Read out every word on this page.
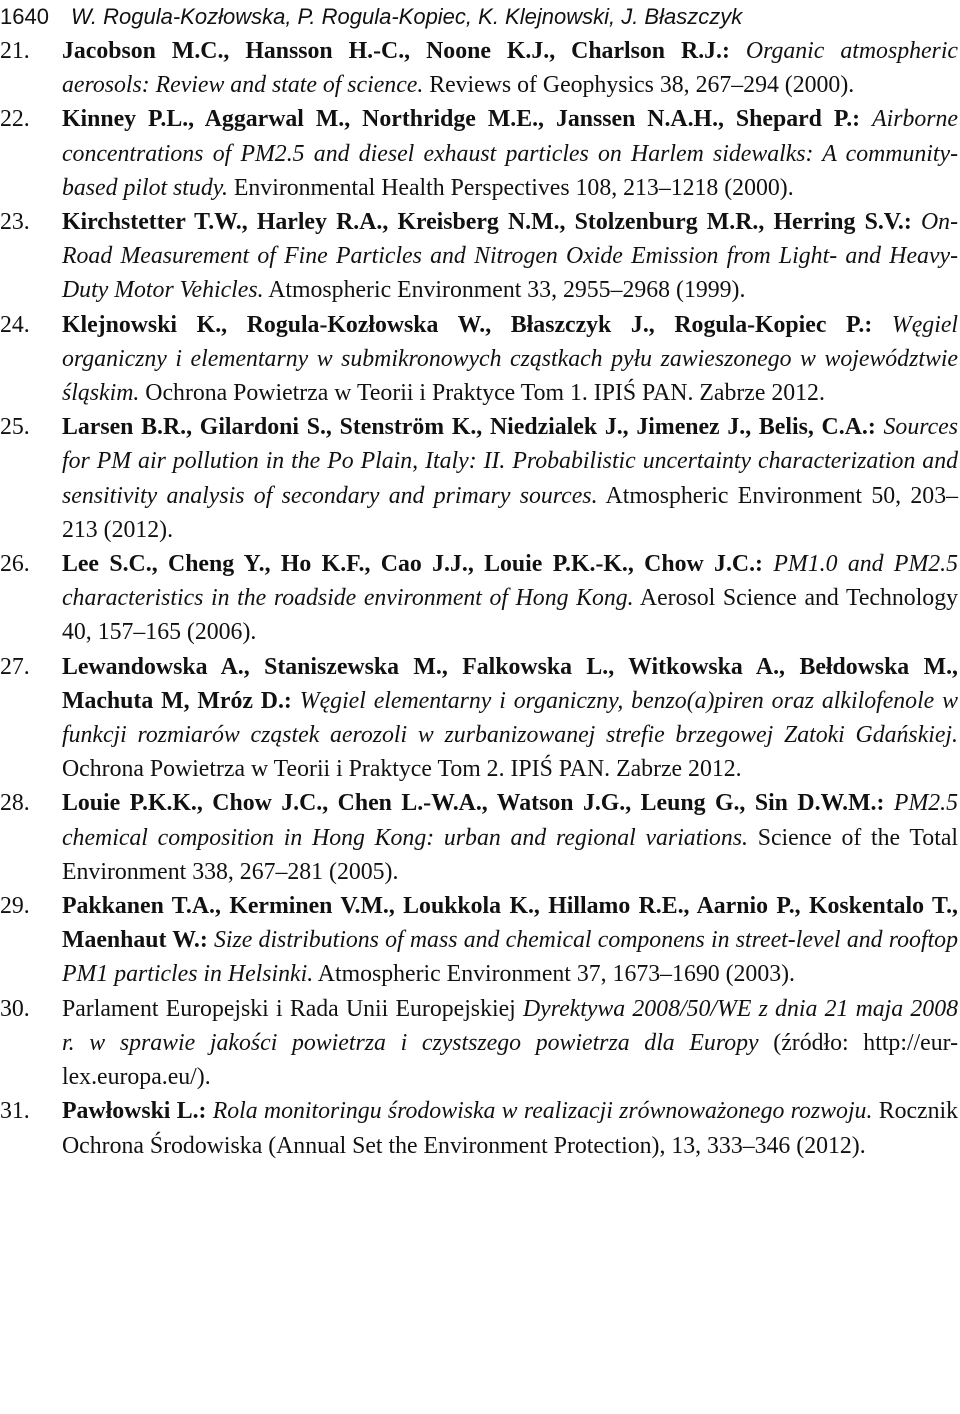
1640 W. Rogula-Kozłowska, P. Rogula-Kopiec, K. Klejnowski, J. Błaszczyk
21. Jacobson M.C., Hansson H.-C., Noone K.J., Charlson R.J.: Organic atmospheric aerosols: Review and state of science. Reviews of Geophysics 38, 267–294 (2000).
22. Kinney P.L., Aggarwal M., Northridge M.E., Janssen N.A.H., Shepard P.: Airborne concentrations of PM2.5 and diesel exhaust particles on Harlem sidewalks: A community-based pilot study. Environmental Health Perspectives 108, 213–1218 (2000).
23. Kirchstetter T.W., Harley R.A., Kreisberg N.M., Stolzenburg M.R., Herring S.V.: On-Road Measurement of Fine Particles and Nitrogen Oxide Emission from Light- and Heavy-Duty Motor Vehicles. Atmospheric Environment 33, 2955–2968 (1999).
24. Klejnowski K., Rogula-Kozłowska W., Błaszczyk J., Rogula-Kopiec P.: Węgiel organiczny i elementarny w submikronowych cząstkach pyłu zawieszonego w województwie śląskim. Ochrona Powietrza w Teorii i Praktyce Tom 1. IPIŚ PAN. Zabrze 2012.
25. Larsen B.R., Gilardoni S., Stenström K., Niedzialek J., Jimenez J., Belis, C.A.: Sources for PM air pollution in the Po Plain, Italy: II. Probabilistic uncertainty characterization and sensitivity analysis of secondary and primary sources. Atmospheric Environment 50, 203–213 (2012).
26. Lee S.C., Cheng Y., Ho K.F., Cao J.J., Louie P.K.-K., Chow J.C.: PM1.0 and PM2.5 characteristics in the roadside environment of Hong Kong. Aerosol Science and Technology 40, 157–165 (2006).
27. Lewandowska A., Staniszewska M., Falkowska L., Witkowska A., Bełdowska M., Machuta M, Mróz D.: Węgiel elementarny i organiczny, benzo(a)piren oraz alkilofenole w funkcji rozmiarów cząstek aerozoli w zurbanizowanej strefie brzegowej Zatoki Gdańskiej. Ochrona Powietrza w Teorii i Praktyce Tom 2. IPIŚ PAN. Zabrze 2012.
28. Louie P.K.K., Chow J.C., Chen L.-W.A., Watson J.G., Leung G., Sin D.W.M.: PM2.5 chemical composition in Hong Kong: urban and regional variations. Science of the Total Environment 338, 267–281 (2005).
29. Pakkanen T.A., Kerminen V.M., Loukkola K., Hillamo R.E., Aarnio P., Koskentalo T., Maenhaut W.: Size distributions of mass and chemical componens in street-level and rooftop PM1 particles in Helsinki. Atmospheric Environment 37, 1673–1690 (2003).
30. Parlament Europejski i Rada Unii Europejskiej Dyrektywa 2008/50/WE z dnia 21 maja 2008 r. w sprawie jakości powietrza i czystszego powietrza dla Europy (źródło: http://eur-lex.europa.eu/).
31. Pawłowski L.: Rola monitoringu środowiska w realizacji zrównoważonego rozwoju. Rocznik Ochrona Środowiska (Annual Set the Environment Protection), 13, 333–346 (2012).
